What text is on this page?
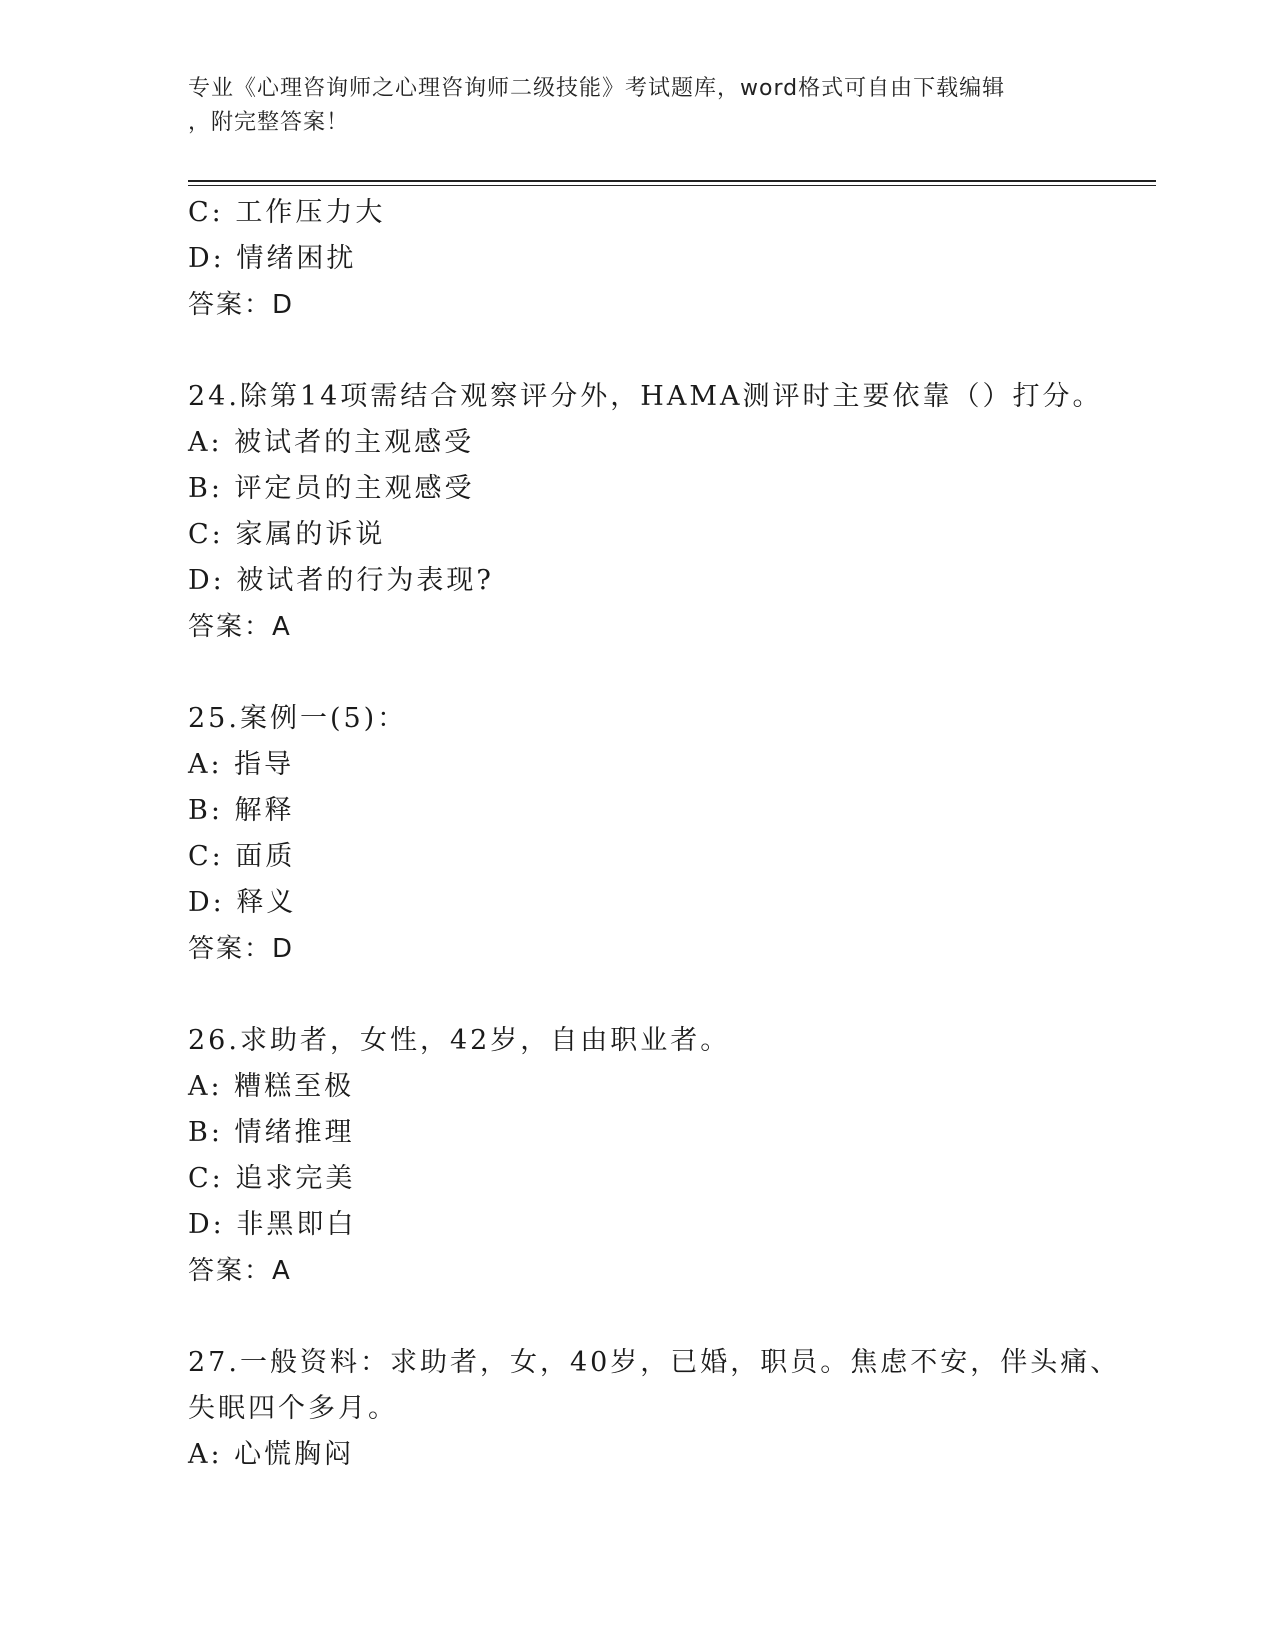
专业《心理咨询师之心理咨询师二级技能》考试题库，word格式可自由下载编辑
，附完整答案！
C: 工作压力大
D: 情绪困扰
答案：D
24.除第14项需结合观察评分外，HAMA测评时主要依靠（）打分。
A: 被试者的主观感受
B: 评定员的主观感受
C: 家属的诉说
D: 被试者的行为表现?
答案：A
25.案例一(5)：
A: 指导
B: 解释
C: 面质
D: 释义
答案：D
26.求助者，女性，42岁，自由职业者。
A: 糟糕至极
B: 情绪推理
C: 追求完美
D: 非黑即白
答案：A
27.一般资料：求助者，女，40岁，已婚，职员。焦虑不安，伴头痛、
失眠四个多月。
A: 心慌胸闷
